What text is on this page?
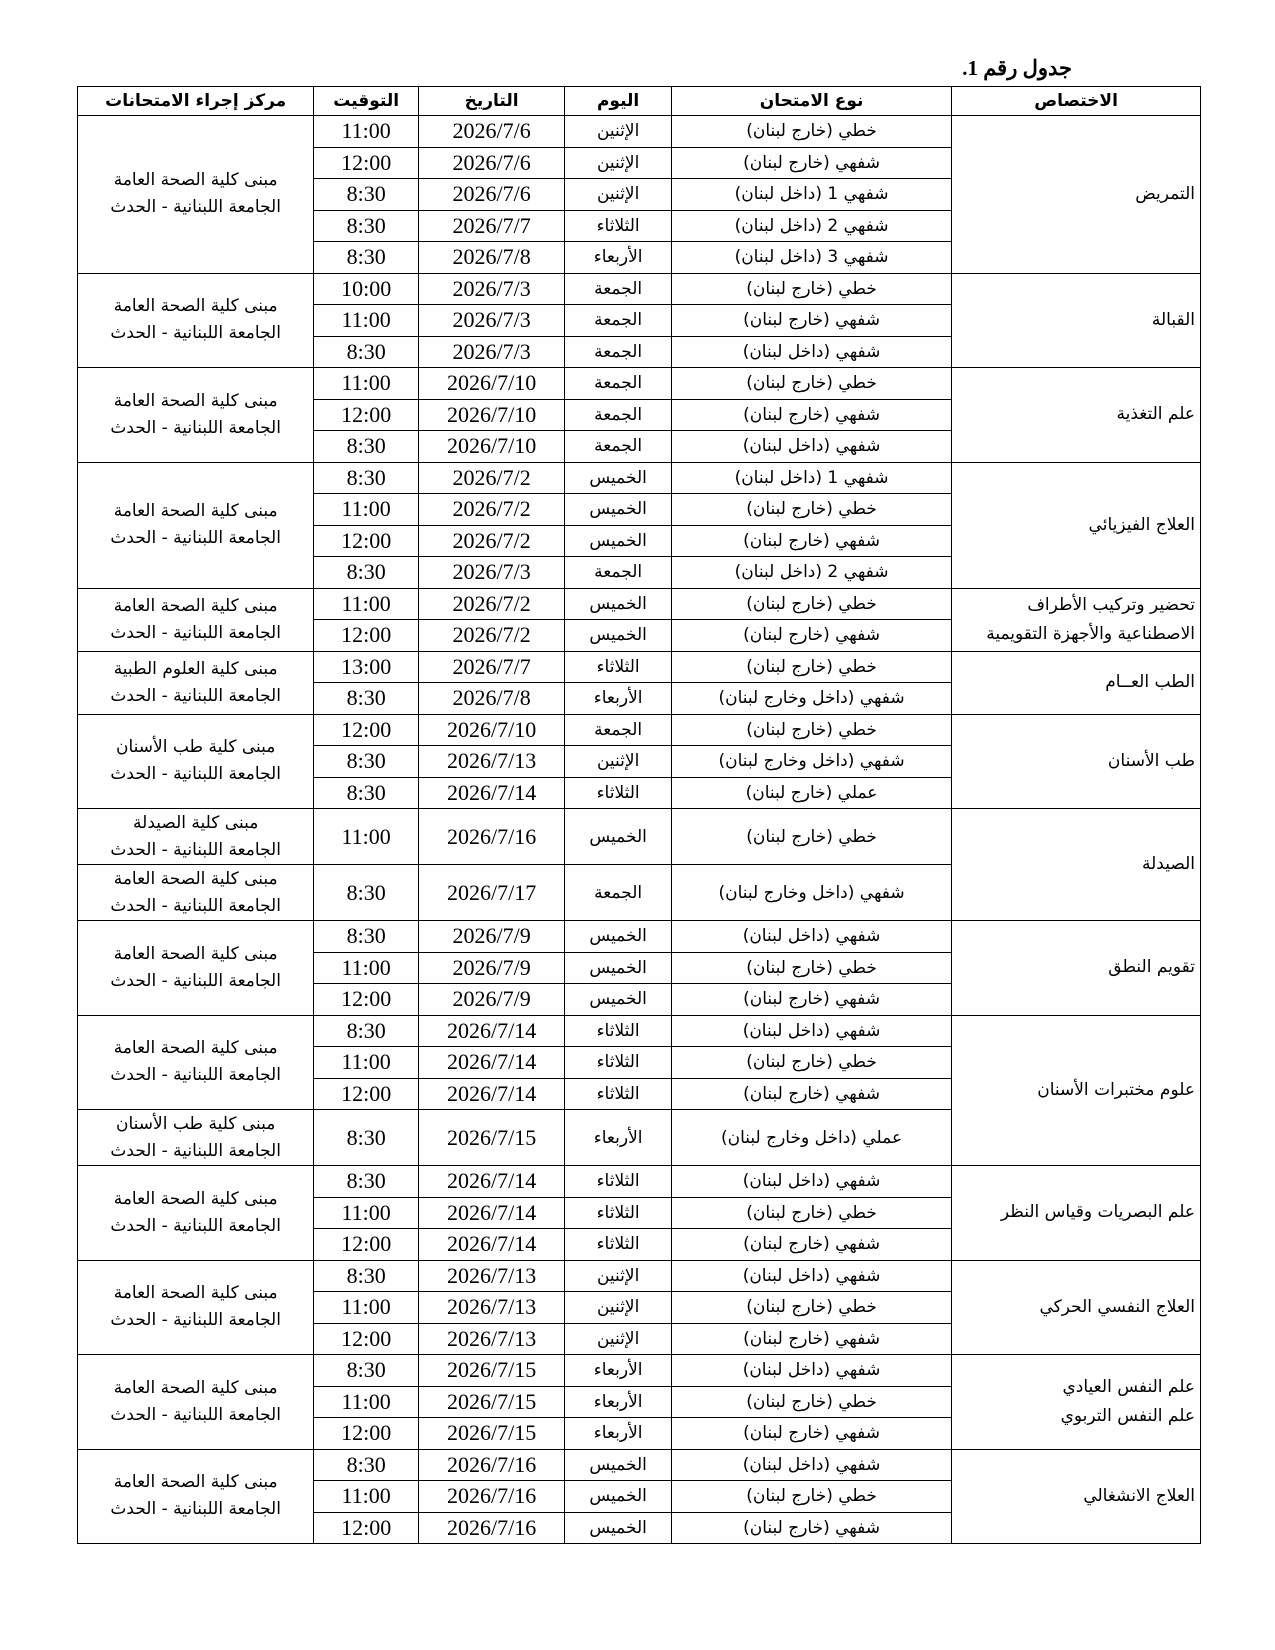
جدول رقم 1.
الاختصاص	نوع الامتحان	اليوم	التاريخ	التوقيت	مركز إجراء الامتحانات

التمريض	خطي (خارج لبنان)	الإثنين	2026/7/6	11:00	مبنى كلية الصحة العامة
الجامعة اللبنانية - الحدث

	شفهي (خارج لبنان)	الإثنين	2026/7/6	12:00	
	شفهي 1 (داخل لبنان)	الإثنين	2026/7/6	8:30	
	شفهي 2 (داخل لبنان)	الثلاثاء	2026/7/7	8:30	
	شفهي 3 (داخل لبنان)	الأربعاء	2026/7/8	8:30	

القبالة	خطي (خارج لبنان)	الجمعة	2026/7/3	10:00	مبنى كلية الصحة العامة
الجامعة اللبنانية - الحدث

	شفهي (خارج لبنان)	الجمعة	2026/7/3	11:00	
	شفهي (داخل لبنان)	الجمعة	2026/7/3	8:30	

علم التغذية	خطي (خارج لبنان)	الجمعة	2026/7/10	11:00	مبنى كلية الصحة العامة
الجامعة اللبنانية - الحدث

	شفهي (خارج لبنان)	الجمعة	2026/7/10	12:00	
	شفهي (داخل لبنان)	الجمعة	2026/7/10	8:30	

العلاج الفيزيائي	شفهي 1 (داخل لبنان)	الخميس	2026/7/2	8:30	مبنى كلية الصحة العامة
الجامعة اللبنانية - الحدث

	خطي (خارج لبنان)	الخميس	2026/7/2	11:00	
	شفهي (خارج لبنان)	الخميس	2026/7/2	12:00	
	شفهي 2 (داخل لبنان)	الجمعة	2026/7/3	8:30	

تحضير وتركيب الأطراف
الاصطناعية والأجهزة التقويمية	خطي (خارج لبنان)	الخميس	2026/7/2	11:00	مبنى كلية الصحة العامة
الجامعة اللبنانية - الحدث

	شفهي (خارج لبنان)	الخميس	2026/7/2	12:00	

الطب العــام	خطي (خارج لبنان)	الثلاثاء	2026/7/7	13:00	مبنى كلية العلوم الطبية
الجامعة اللبنانية - الحدث

	شفهي (داخل وخارج لبنان)	الأربعاء	2026/7/8	8:30	

طب الأسنان	خطي (خارج لبنان)	الجمعة	2026/7/10	12:00	مبنى كلية طب الأسنان
الجامعة اللبنانية - الحدث

	شفهي (داخل وخارج لبنان)	الإثنين	2026/7/13	8:30	
	عملي (خارج لبنان)	الثلاثاء	2026/7/14	8:30	

الصيدلة	خطي (خارج لبنان)	الخميس	2026/7/16	11:00	مبنى كلية الصيدلة
الجامعة اللبنانية - الحدث

	شفهي (داخل وخارج لبنان)	الجمعة	2026/7/17	8:30	مبنى كلية الصحة العامة
الجامعة اللبنانية - الحدث

تقويم النطق	شفهي (داخل لبنان)	الخميس	2026/7/9	8:30	مبنى كلية الصحة العامة
الجامعة اللبنانية - الحدث

	خطي (خارج لبنان)	الخميس	2026/7/9	11:00	
	شفهي (خارج لبنان)	الخميس	2026/7/9	12:00	

علوم مختبرات الأسنان	شفهي (داخل لبنان)	الثلاثاء	2026/7/14	8:30	مبنى كلية الصحة العامة
الجامعة اللبنانية - الحدث

	خطي (خارج لبنان)	الثلاثاء	2026/7/14	11:00	
	شفهي (خارج لبنان)	الثلاثاء	2026/7/14	12:00	
	عملي (داخل وخارج لبنان)	الأربعاء	2026/7/15	8:30	مبنى كلية طب الأسنان
الجامعة اللبنانية - الحدث

علم البصريات وقياس النظر	شفهي (داخل لبنان)	الثلاثاء	2026/7/14	8:30	مبنى كلية الصحة العامة
الجامعة اللبنانية - الحدث

	خطي (خارج لبنان)	الثلاثاء	2026/7/14	11:00	
	شفهي (خارج لبنان)	الثلاثاء	2026/7/14	12:00	

العلاج النفسي الحركي	شفهي (داخل لبنان)	الإثنين	2026/7/13	8:30	مبنى كلية الصحة العامة
الجامعة اللبنانية - الحدث

	خطي (خارج لبنان)	الإثنين	2026/7/13	11:00	
	شفهي (خارج لبنان)	الإثنين	2026/7/13	12:00	

علم النفس العيادي
علم النفس التربوي	شفهي (داخل لبنان)	الأربعاء	2026/7/15	8:30	مبنى كلية الصحة العامة
الجامعة اللبنانية - الحدث

	خطي (خارج لبنان)	الأربعاء	2026/7/15	11:00	
	شفهي (خارج لبنان)	الأربعاء	2026/7/15	12:00	

العلاج الانشغالي	شفهي (داخل لبنان)	الخميس	2026/7/16	8:30	مبنى كلية الصحة العامة
الجامعة اللبنانية - الحدث

	خطي (خارج لبنان)	الخميس	2026/7/16	11:00	
	شفهي (خارج لبنان)	الخميس	2026/7/16	12:00	
